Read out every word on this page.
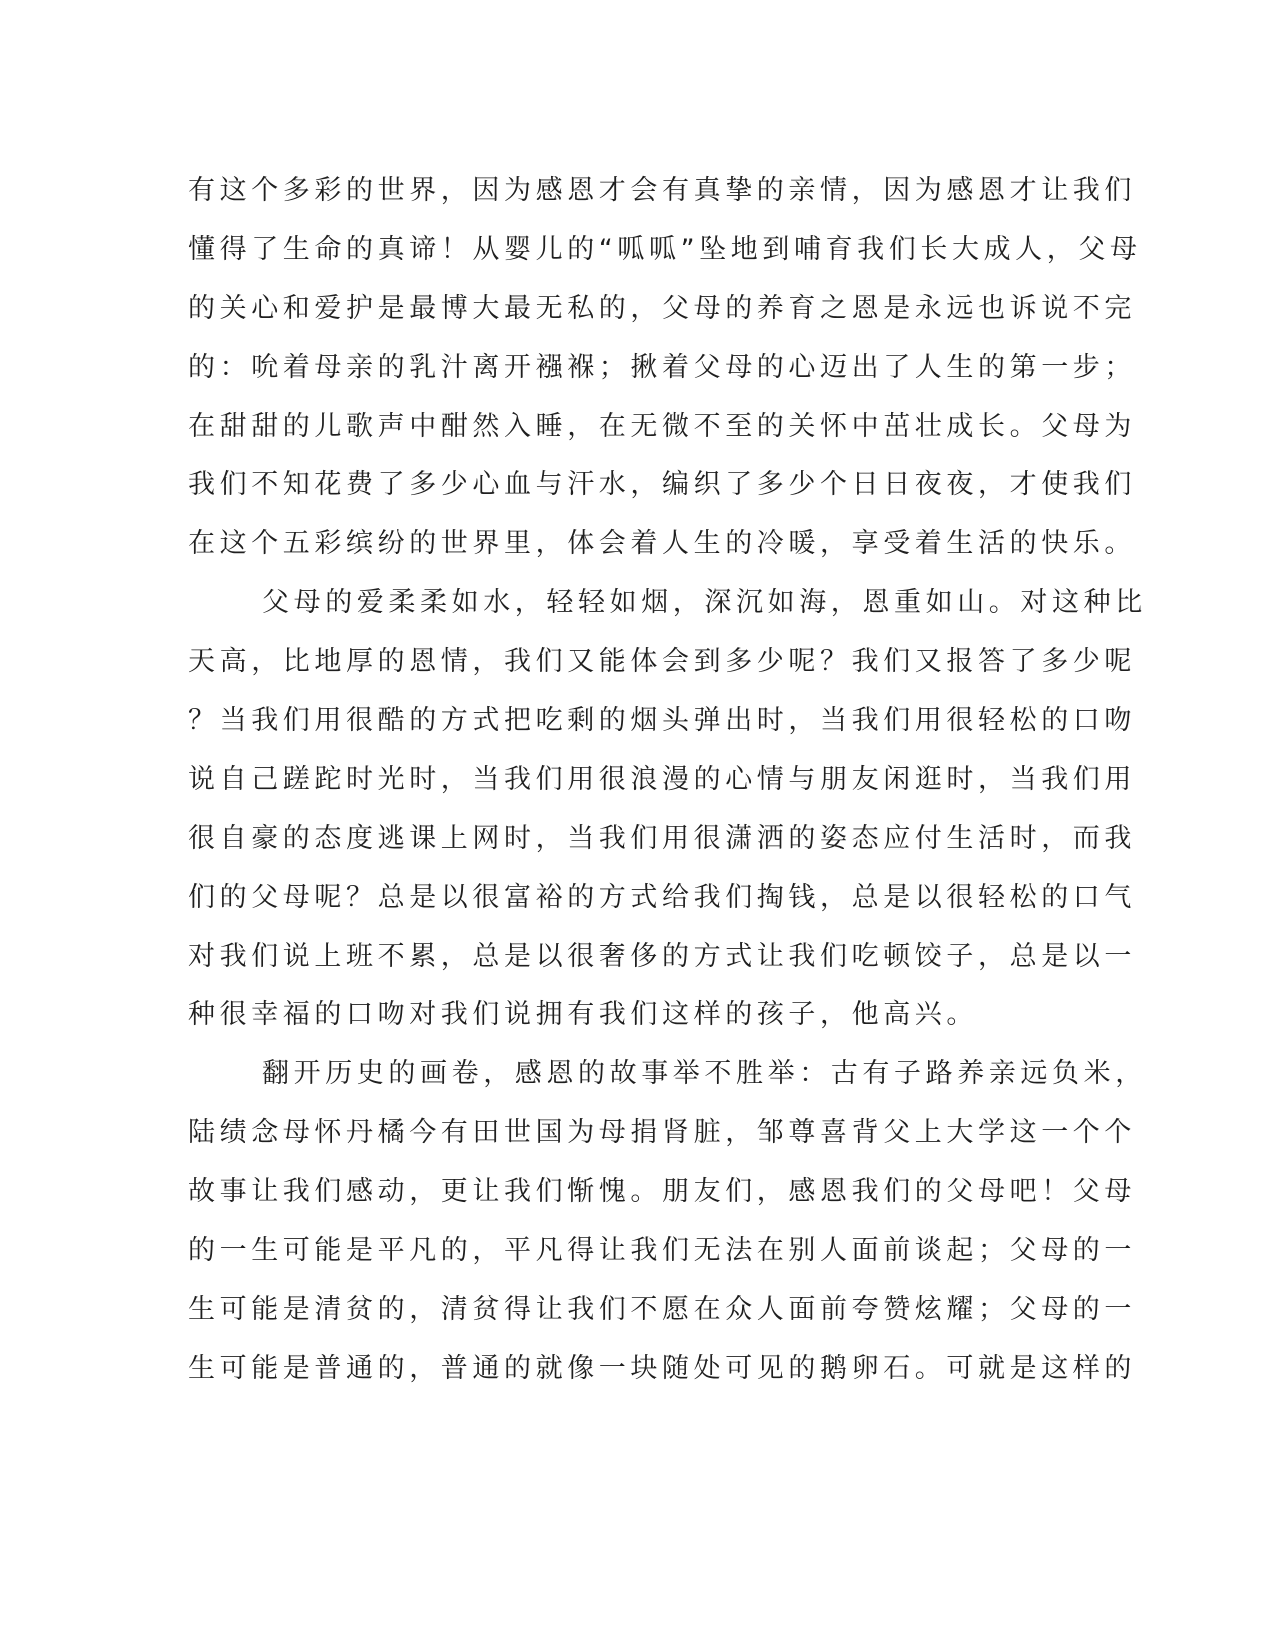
有这个多彩的世界，因为感恩才会有真挚的亲情，因为感恩才让我们
懂得了生命的真谛！从婴儿的“呱呱”坠地到哺育我们长大成人，父母
的关心和爱护是最博大最无私的，父母的养育之恩是永远也诉说不完
的：吮着母亲的乳汁离开襁褓；揪着父母的心迈出了人生的第一步；
在甜甜的儿歌声中酣然入睡，在无微不至的关怀中茁壮成长。父母为
我们不知花费了多少心血与汗水，编织了多少个日日夜夜，才使我们
在这个五彩缤纷的世界里，体会着人生的冷暖，享受着生活的快乐。
父母的爱柔柔如水，轻轻如烟，深沉如海，恩重如山。对这种比
天高，比地厚的恩情，我们又能体会到多少呢？我们又报答了多少呢
？当我们用很酷的方式把吃剩的烟头弹出时，当我们用很轻松的口吻
说自己蹉跎时光时，当我们用很浪漫的心情与朋友闲逛时，当我们用
很自豪的态度逃课上网时，当我们用很潇洒的姿态应付生活时，而我
们的父母呢？总是以很富裕的方式给我们掏钱，总是以很轻松的口气
对我们说上班不累，总是以很奢侈的方式让我们吃顿饺子，总是以一
种很幸福的口吻对我们说拥有我们这样的孩子，他高兴。
翻开历史的画卷，感恩的故事举不胜举：古有子路养亲远负米，
陆绩念母怀丹橘今有田世国为母捐肾脏，邹尊喜背父上大学这一个个
故事让我们感动，更让我们惭愧。朋友们，感恩我们的父母吧！父母
的一生可能是平凡的，平凡得让我们无法在别人面前谈起；父母的一
生可能是清贫的，清贫得让我们不愿在众人面前夸赞炫耀；父母的一
生可能是普通的，普通的就像一块随处可见的鹅卵石。可就是这样的
